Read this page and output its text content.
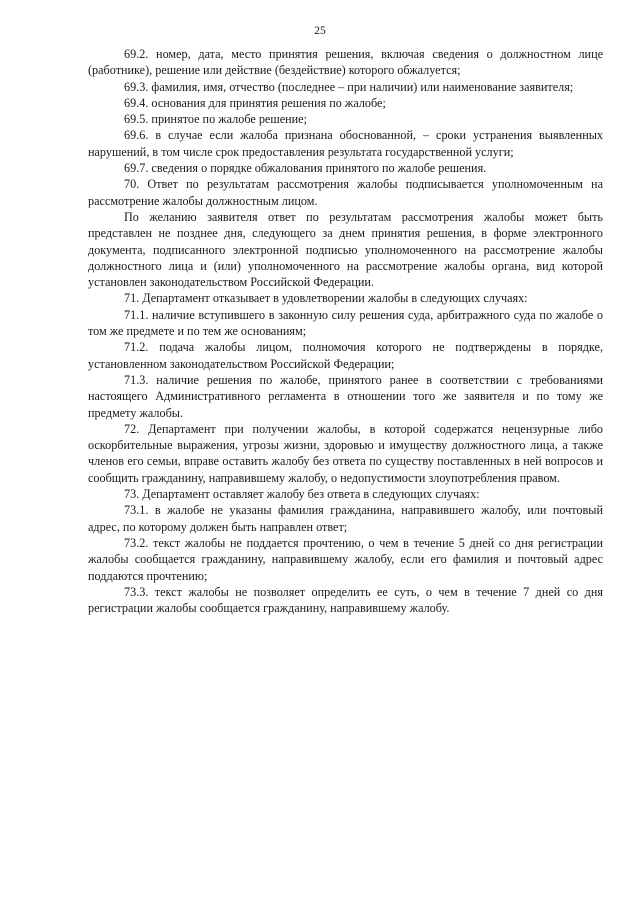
25

69.2. номер, дата, место принятия решения, включая сведения о должностном лице (работнике), решение или действие (бездействие) которого обжалуется;

69.3. фамилия, имя, отчество (последнее – при наличии) или наименование заявителя;

69.4. основания для принятия решения по жалобе;

69.5. принятое по жалобе решение;

69.6. в случае если жалоба признана обоснованной, – сроки устранения выявленных нарушений, в том числе срок предоставления результата государственной услуги;

69.7. сведения о порядке обжалования принятого по жалобе решения.

70. Ответ по результатам рассмотрения жалобы подписывается уполномоченным на рассмотрение жалобы должностным лицом.

По желанию заявителя ответ по результатам рассмотрения жалобы может быть представлен не позднее дня, следующего за днем принятия решения, в форме электронного документа, подписанного электронной подписью уполномоченного на рассмотрение жалобы должностного лица и (или) уполномоченного на рассмотрение жалобы органа, вид которой установлен законодательством Российской Федерации.

71. Департамент отказывает в удовлетворении жалобы в следующих случаях:

71.1. наличие вступившего в законную силу решения суда, арбитражного суда по жалобе о том же предмете и по тем же основаниям;

71.2. подача жалобы лицом, полномочия которого не подтверждены в порядке, установленном законодательством Российской Федерации;

71.3. наличие решения по жалобе, принятого ранее в соответствии с требованиями настоящего Административного регламента в отношении того же заявителя и по тому же предмету жалобы.

72. Департамент при получении жалобы, в которой содержатся нецензурные либо оскорбительные выражения, угрозы жизни, здоровью и имуществу должностного лица, а также членов его семьи, вправе оставить жалобу без ответа по существу поставленных в ней вопросов и сообщить гражданину, направившему жалобу, о недопустимости злоупотребления правом.

73. Департамент оставляет жалобу без ответа в следующих случаях:

73.1. в жалобе не указаны фамилия гражданина, направившего жалобу, или почтовый адрес, по которому должен быть направлен ответ;

73.2. текст жалобы не поддается прочтению, о чем в течение 5 дней со дня регистрации жалобы сообщается гражданину, направившему жалобу, если его фамилия и почтовый адрес поддаются прочтению;

73.3. текст жалобы не позволяет определить ее суть, о чем в течение 7 дней со дня регистрации жалобы сообщается гражданину, направившему жалобу.
